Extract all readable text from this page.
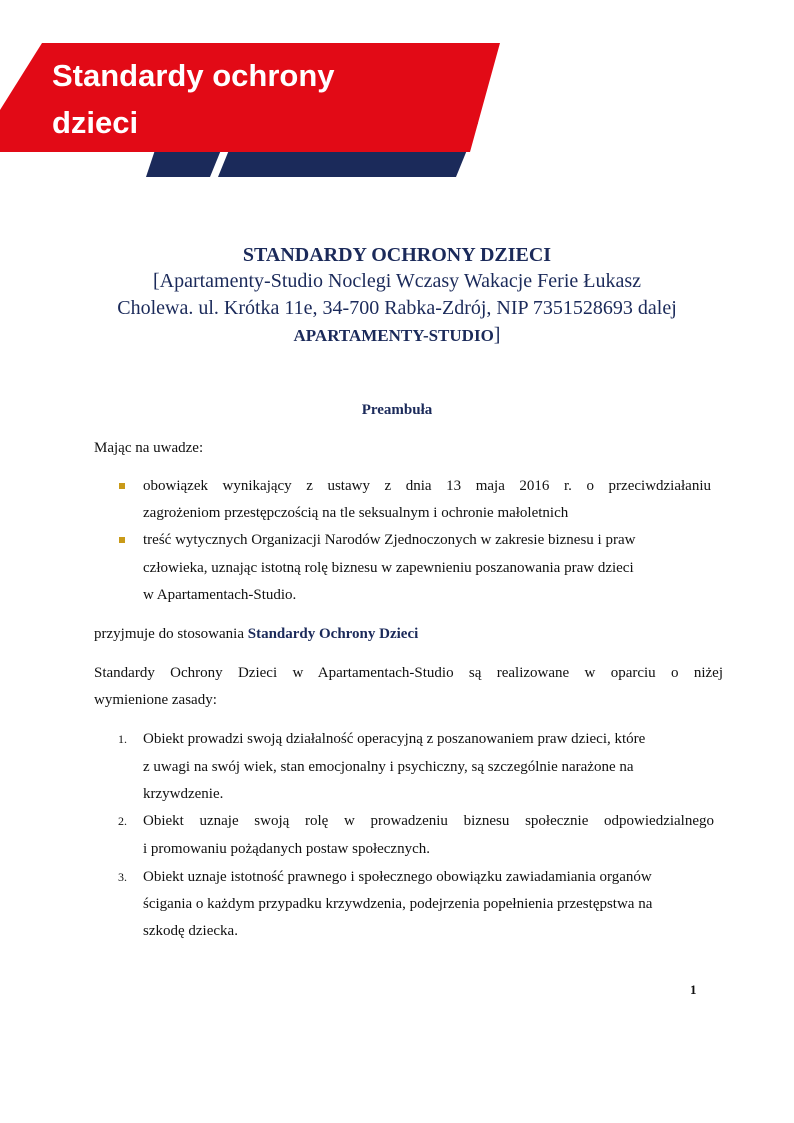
Standardy ochrony dzieci
STANDARDY OCHRONY DZIECI
[Apartamenty-Studio Noclegi Wczasy Wakacje Ferie Łukasz
Cholewa. ul. Krótka 11e, 34-700 Rabka-Zdrój, NIP 7351528693 dalej
APARTAMENTY-STUDIO]
Preambuła
Mając na uwadze:
obowiązek wynikający z ustawy z dnia 13 maja 2016 r. o przeciwdziałaniu
zagrożeniom przestępczością na tle seksualnym i ochronie małoletnich
treść wytycznych Organizacji Narodów Zjednoczonych w zakresie biznesu i praw
człowieka, uznając istotną rolę biznesu w zapewnieniu poszanowania praw dzieci
w Apartamentach-Studio.
przyjmuje do stosowania Standardy Ochrony Dzieci
Standardy Ochrony Dzieci w Apartamentach-Studio są realizowane w oparciu o niżej
wymienione zasady:
1. Obiekt prowadzi swoją działalność operacyjną z poszanowaniem praw dzieci, które
z uwagi na swój wiek, stan emocjonalny i psychiczny, są szczególnie narażone na
krzywdzenie.
2. Obiekt uznaje swoją rolę w prowadzeniu biznesu społecznie odpowiedzialnego
i promowaniu pożądanych postaw społecznych.
3. Obiekt uznaje istotność prawnego i społecznego obowiązku zawiadamiania organów
ścigania o każdym przypadku krzywdzenia, podejrzenia popełnienia przestępstwa na
szkodę dziecka.
1
